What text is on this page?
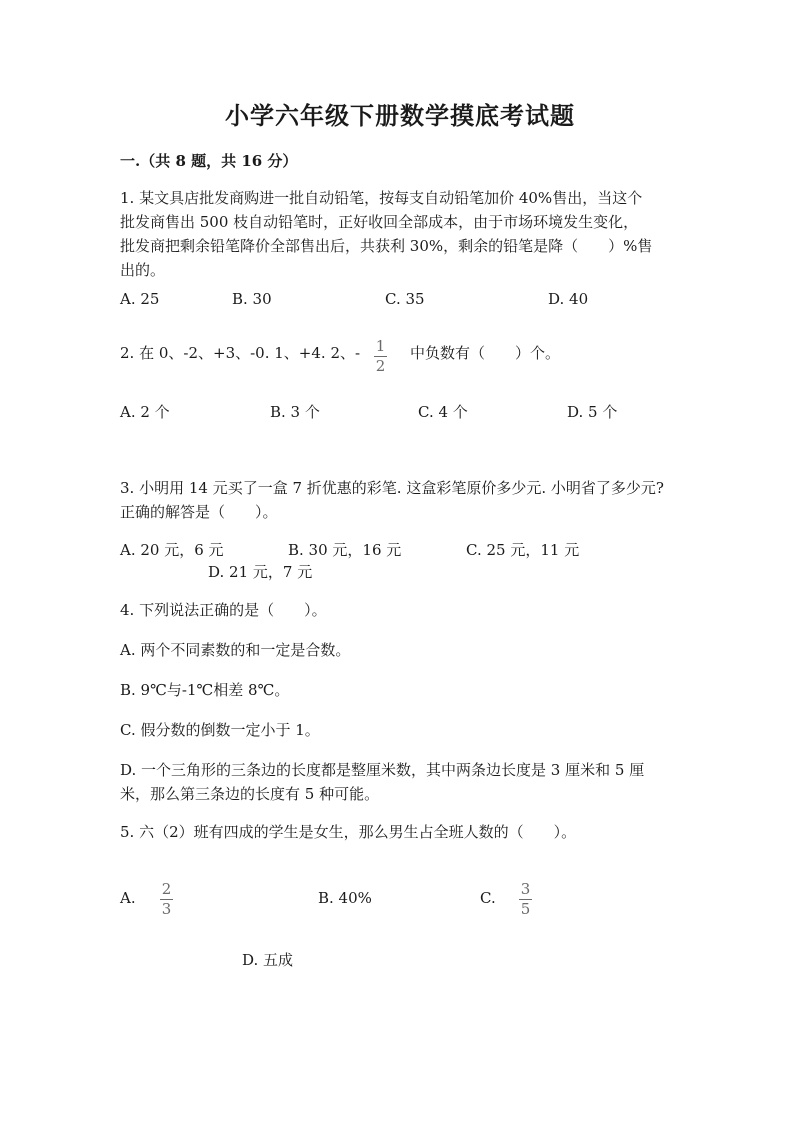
小学六年级下册数学摸底考试题
一.（共 8 题，共 16 分）
1. 某文具店批发商购进一批自动铅笔，按每支自动铅笔加价 40%售出，当这个
批发商售出 500 枝自动铅笔时，正好收回全部成本，由于市场环境发生变化，
批发商把剩余铅笔降价全部售出后，共获利 30%，剩余的铅笔是降（　　）%售
出的。
A. 25	B. 30	C. 35	D. 40
2. 在 0、-2、+3、-0. 1、+4. 2、- 1
2
中负数有（　　）个。
A. 2 个	B. 3 个	C. 4 个	D. 5 个
3. 小明用 14 元买了一盒 7 折优惠的彩笔. 这盒彩笔原价多少元. 小明省了多少元?
正确的解答是（　　）。
A. 20 元，6 元	B. 30 元，16 元	C. 25 元，11 元
D. 21 元，7 元
4. 下列说法正确的是（　　）。
A. 两个不同素数的和一定是合数。
B. 9℃与-1℃相差 8℃。
C. 假分数的倒数一定小于 1。
D. 一个三角形的三条边的长度都是整厘米数，其中两条边长度是 3 厘米和 5 厘
米，那么第三条边的长度有 5 种可能。
5. 六（2）班有四成的学生是女生，那么男生占全班人数的（　　）。
A. 2
3
B. 40%	C. 3
5
D. 五成
